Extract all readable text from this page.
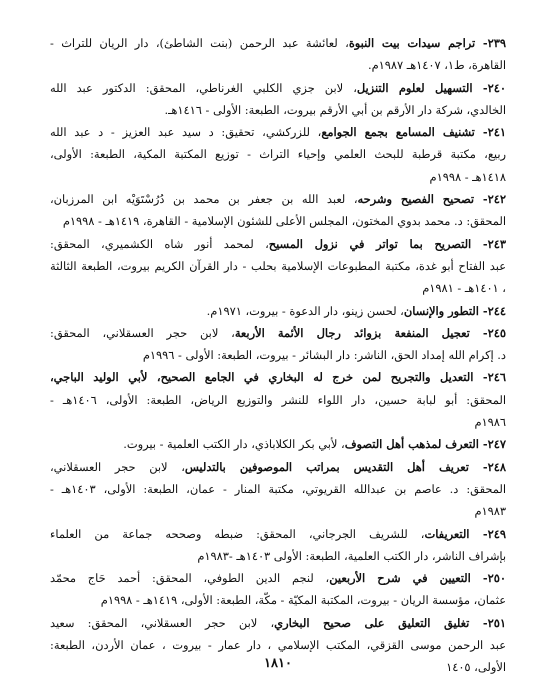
٢٣٩- تراجم سيدات بيت النبوة، لعائشة عبد الرحمن (بنت الشاطئ)، دار الريان للتراث -
القاهرة، ط١، ١٤٠٧هـ ١٩٨٧م.
٢٤٠- التسهيل لعلوم التنزيل، لابن جزي الكلبي الغرناطي، المحقق: الدكتور عبد الله
الخالدي، شركة دار الأرقم بن أبي الأرقم بيروت، الطبعة: الأولى - ١٤١٦هـ.
٢٤١- تشنيف المسامع بجمع الجوامع، للزركشي، تحقيق: د سيد عبد العزيز - د عبد الله
ربيع، مكتبة قرطبة للبحث العلمي وإحياء التراث - توزيع المكتبة المكية، الطبعة: الأولى،
١٤١٨هـ - ١٩٩٨م
٢٤٢- تصحيح الفصيح وشرحه، لعبد الله بن جعفر بن محمد بن دُرُسْتَوَيْه ابن المرزبان،
المحقق: د. محمد بدوي المختون، المجلس الأعلى للشئون الإسلامية - القاهرة، ١٤١٩هـ - ١٩٩٨م
٢٤٣- التصريح بما تواتر في نزول المسيح، لمحمد أنور شاه الكشميري، المحقق:
عبد الفتاح أبو غدة، مكتبة المطبوعات الإسلامية بحلب - دار القرآن الكريم بيروت، الطبعة الثالثة
، ١٤٠١هـ - ١٩٨١م
٢٤٤- التطور والإنسان، لحسن زينو، دار الدعوة - بيروت، ١٩٧١م.
٢٤٥- تعجيل المنفعة بزوائد رجال الأئمة الأربعة، لابن حجر العسقلاني، المحقق:
د. إكرام الله إمداد الحق، الناشر: دار البشائر - بيروت، الطبعة: الأولى - ١٩٩٦م
٢٤٦- التعديل والتجريح لمن خرج له البخاري في الجامع الصحيح، لأبي الوليد الباجي،
المحقق: أبو لبابة حسين، دار اللواء للنشر والتوزيع الرياض، الطبعة: الأولى، ١٤٠٦هـ -
١٩٨٦م
٢٤٧- التعرف لمذهب أهل التصوف، لأبي بكر الكلاباذي، دار الكتب العلمية - بيروت.
٢٤٨- تعريف أهل التقديس بمراتب الموصوفين بالتدليس، لابن حجر العسقلاني،
المحقق: د. عاصم بن عبدالله القريوتي، مكتبة المنار - عمان، الطبعة: الأولى، ١٤٠٣هـ -
١٩٨٣م
٢٤٩- التعريفات، للشريف الجرجاني، المحقق: ضبطه وصححه جماعة من العلماء
بإشراف الناشر، دار الكتب العلمية، الطبعة: الأولى ١٤٠٣هـ -١٩٨٣م
٢٥٠- التعيين في شرح الأربعين، لنجم الدين الطوفي، المحقق: أحمد حَاج محمّد
عثمان، مؤسسة الريان - بيروت، المكتبة المكيّة - مكّة، الطبعة: الأولى، ١٤١٩هـ - ١٩٩٨م
٢٥١- تغليق التعليق على صحيح البخاري، لابن حجر العسقلاني، المحقق: سعيد
عبد الرحمن موسى القزقي، المكتب الإسلامي ، دار عمار - بيروت ، عمان الأردن، الطبعة:
الأولى، ١٤٠٥
١٨١٠
